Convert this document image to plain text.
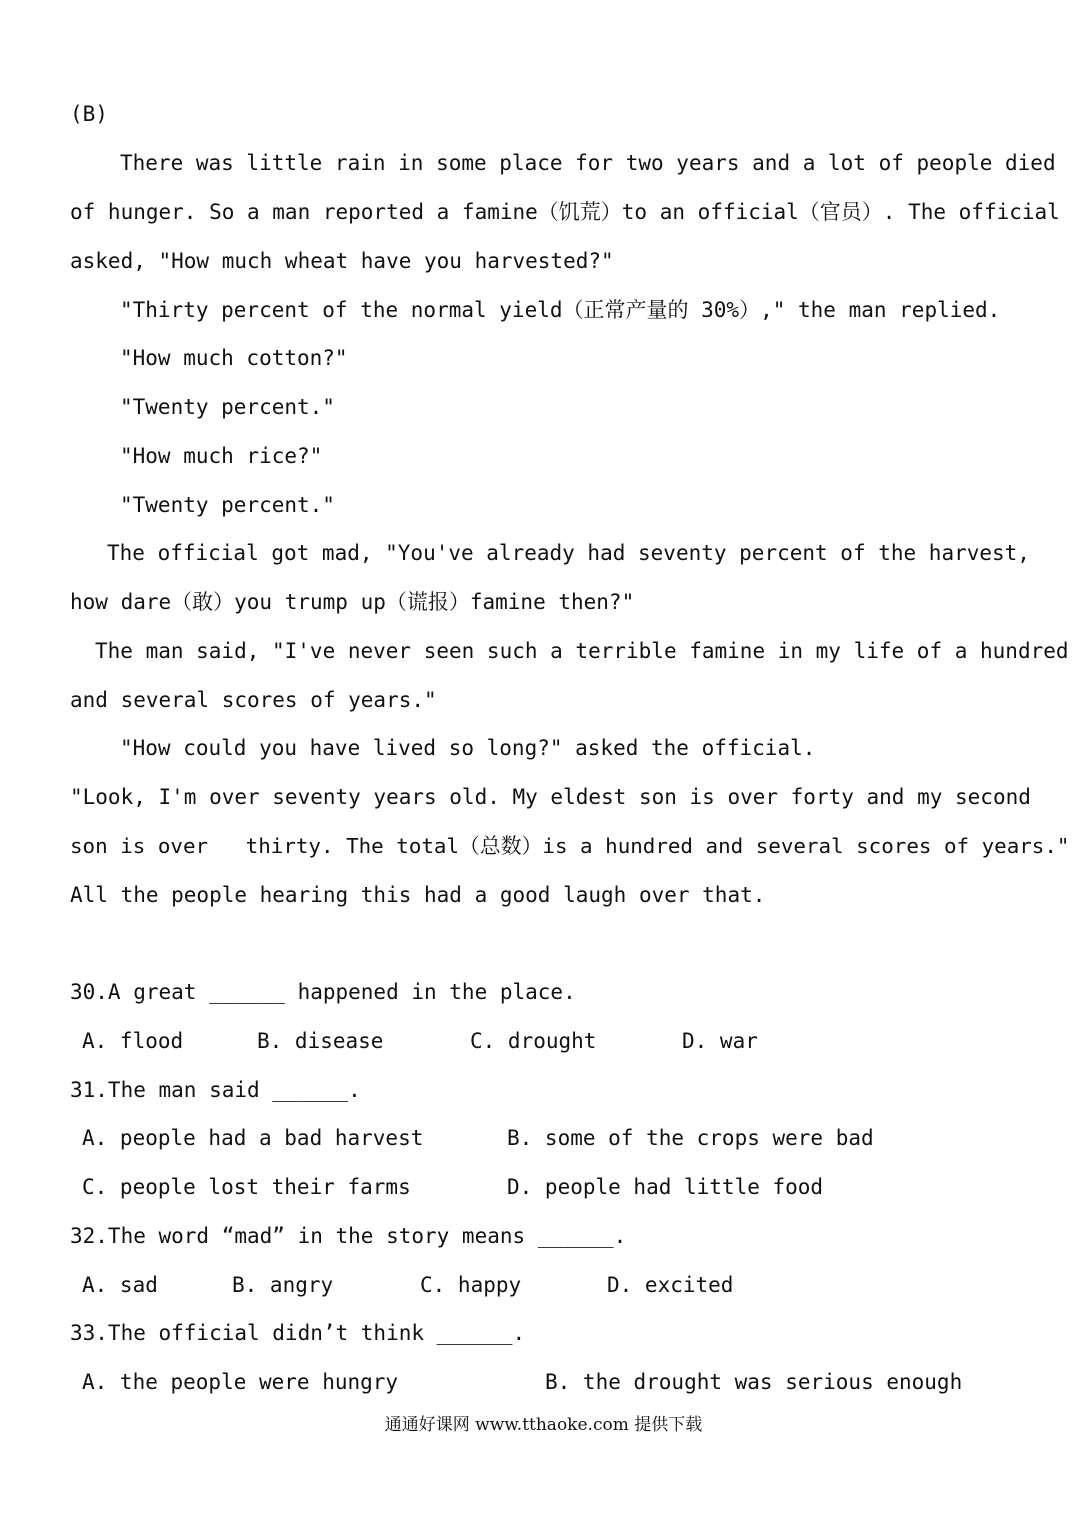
(B)
There was little rain in some place for two years and a lot of people died
of hunger. So a man reported a famine（饥荒）to an official（官员）. The official
asked, "How much wheat have you harvested?"
"Thirty percent of the normal yield（正常产量的 30%）," the man replied.
"How much cotton?"
"Twenty percent."
"How much rice?"
"Twenty percent."
The official got mad, "You've already had seventy percent of the harvest,
how dare（敢）you trump up（谎报）famine then?"
The man said, "I've never seen such a terrible famine in my life of a hundred
and several scores of years."
"How could you have lived so long?" asked the official.
"Look, I'm over seventy years old. My eldest son is over forty and my second
son is over   thirty. The total（总数）is a hundred and several scores of years."
All the people hearing this had a good laugh over that.
30.A great ______ happened in the place.

A. flood

	B. disease

	C. drought

	D. war

31.The man said ______.

A. people had a bad harvest

	B. some of the crops were bad

C. people lost their farms

	D. people had little food

32.The word “mad” in the story means ______.

A. sad

	B. angry

	C. happy

	D. excited

33.The official didn’t think ______.

A. the people were hungry

	B. the drought was serious enough

通通好课网 www.tthaoke.com 提供下载
